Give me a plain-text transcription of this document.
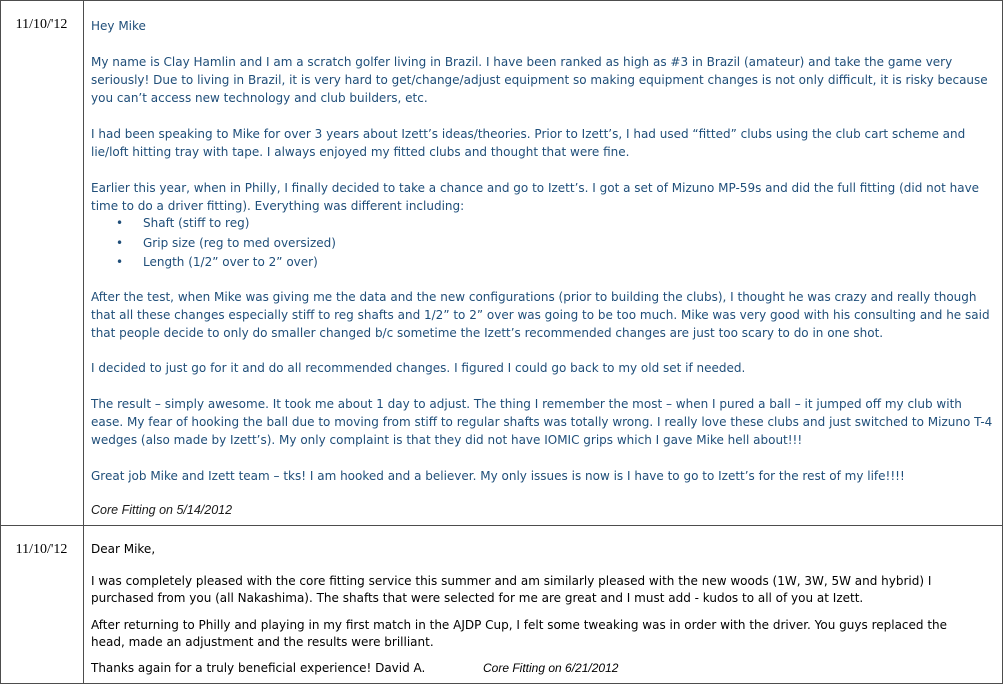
11/10/'12	Hey Mike

My name is Clay Hamlin and I am a scratch golfer living in Brazil. I have been ranked as high as #3 in Brazil (amateur) and take the game very seriously! Due to living in Brazil, it is very hard to get/change/adjust equipment so making equipment changes is not only difficult, it is risky because you can’t access new technology and club builders, etc.

I had been speaking to Mike for over 3 years about Izett’s ideas/theories. Prior to Izett’s, I had used “fitted” clubs using the club cart scheme and lie/loft hitting tray with tape. I always enjoyed my fitted clubs and thought that were fine.

Earlier this year, when in Philly, I finally decided to take a chance and go to Izett’s. I got a set of Mizuno MP-59s and did the full fitting (did not have time to do a driver fitting). Everything was different including:

• Shaft (stiff to reg)
• Grip size (reg to med oversized)
• Length (1/2” over to 2” over)

After the test, when Mike was giving me the data and the new configurations (prior to building the clubs), I thought he was crazy and really though that all these changes especially stiff to reg shafts and 1/2” to 2” over was going to be too much. Mike was very good with his consulting and he said that people decide to only do smaller changed b/c sometime the Izett’s recommended changes are just too scary to do in one shot.

I decided to just go for it and do all recommended changes. I figured I could go back to my old set if needed.

The result – simply awesome. It took me about 1 day to adjust. The thing I remember the most – when I pured a ball – it jumped off my club with ease. My fear of hooking the ball due to moving from stiff to regular shafts was totally wrong. I really love these clubs and just switched to Mizuno T-4 wedges (also made by Izett’s). My only complaint is that they did not have IOMIC grips which I gave Mike hell about!!!

Great job Mike and Izett team – tks! I am hooked and a believer. My only issues is now is I have to go to Izett’s for the rest of my life!!!!

Core Fitting on 5/14/2012

11/10/'12	Dear Mike,

I was completely pleased with the core fitting service this summer and am similarly pleased with the new woods (1W, 3W, 5W and hybrid) I purchased from you (all Nakashima). The shafts that were selected for me are great and I must add - kudos to all of you at Izett.

After returning to Philly and playing in my first match in the AJDP Cup, I felt some tweaking was in order with the driver. You guys replaced the head, made an adjustment and the results were brilliant.

Thanks again for a truly beneficial experience! David A.	Core Fitting on 6/21/2012
